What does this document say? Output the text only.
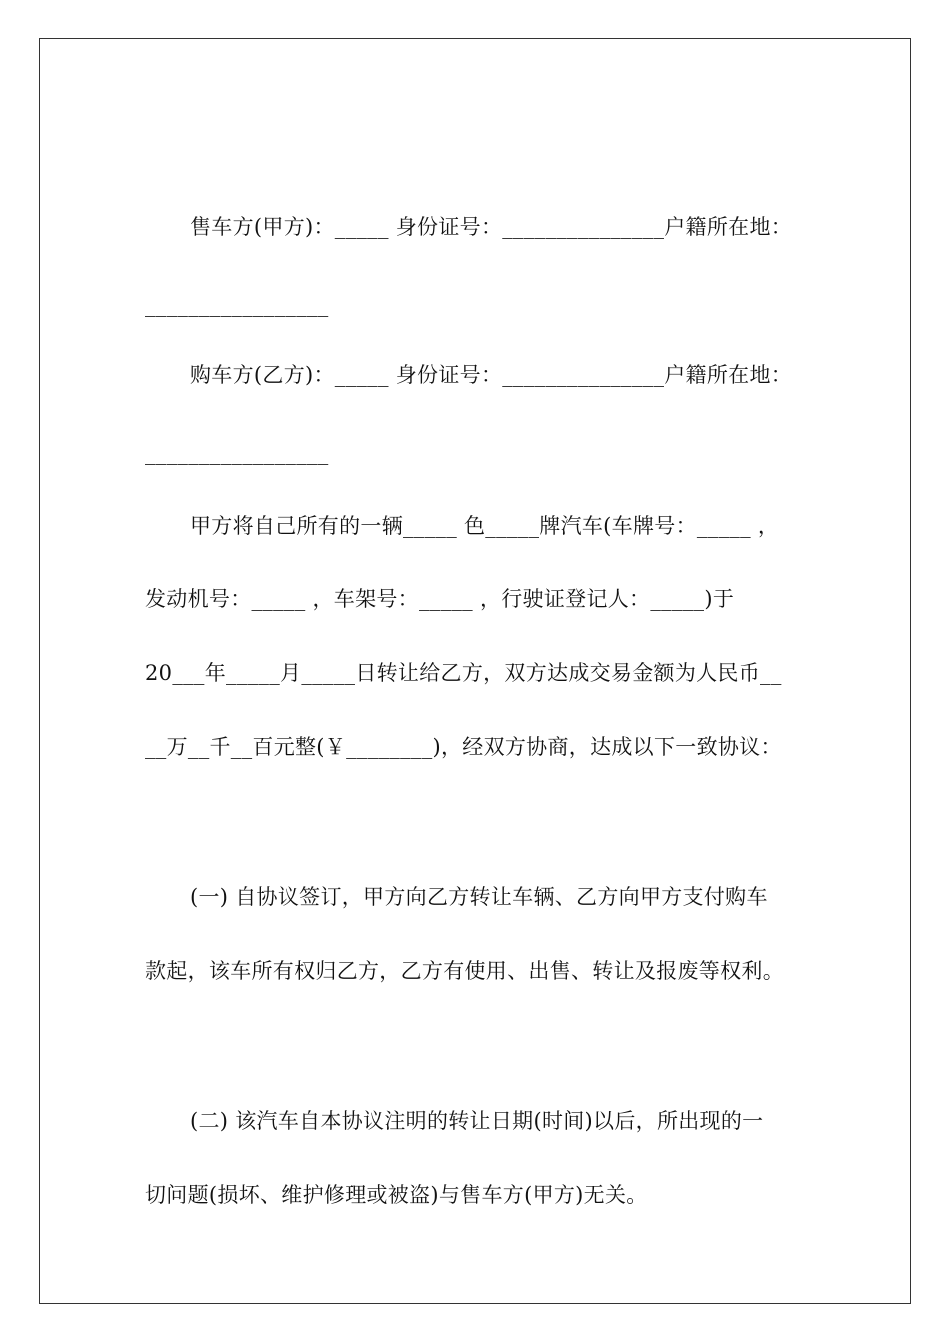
售车方(甲方)：_____ 身份证号：_______________户籍所在地：
_________________
购车方(乙方)：_____ 身份证号：_______________户籍所在地：
_________________
甲方将自己所有的一辆_____ 色_____牌汽车(车牌号：_____ ，
发动机号：_____ ，车架号：_____ ，行驶证登记人：_____)于
20___年_____月_____日转让给乙方，双方达成交易金额为人民币__
__万__千__百元整(￥________)，经双方协商，达成以下一致协议：
(一) 自协议签订，甲方向乙方转让车辆、乙方向甲方支付购车
款起，该车所有权归乙方，乙方有使用、出售、转让及报废等权利。
(二) 该汽车自本协议注明的转让日期(时间)以后，所出现的一
切问题(损坏、维护修理或被盗)与售车方(甲方)无关。
